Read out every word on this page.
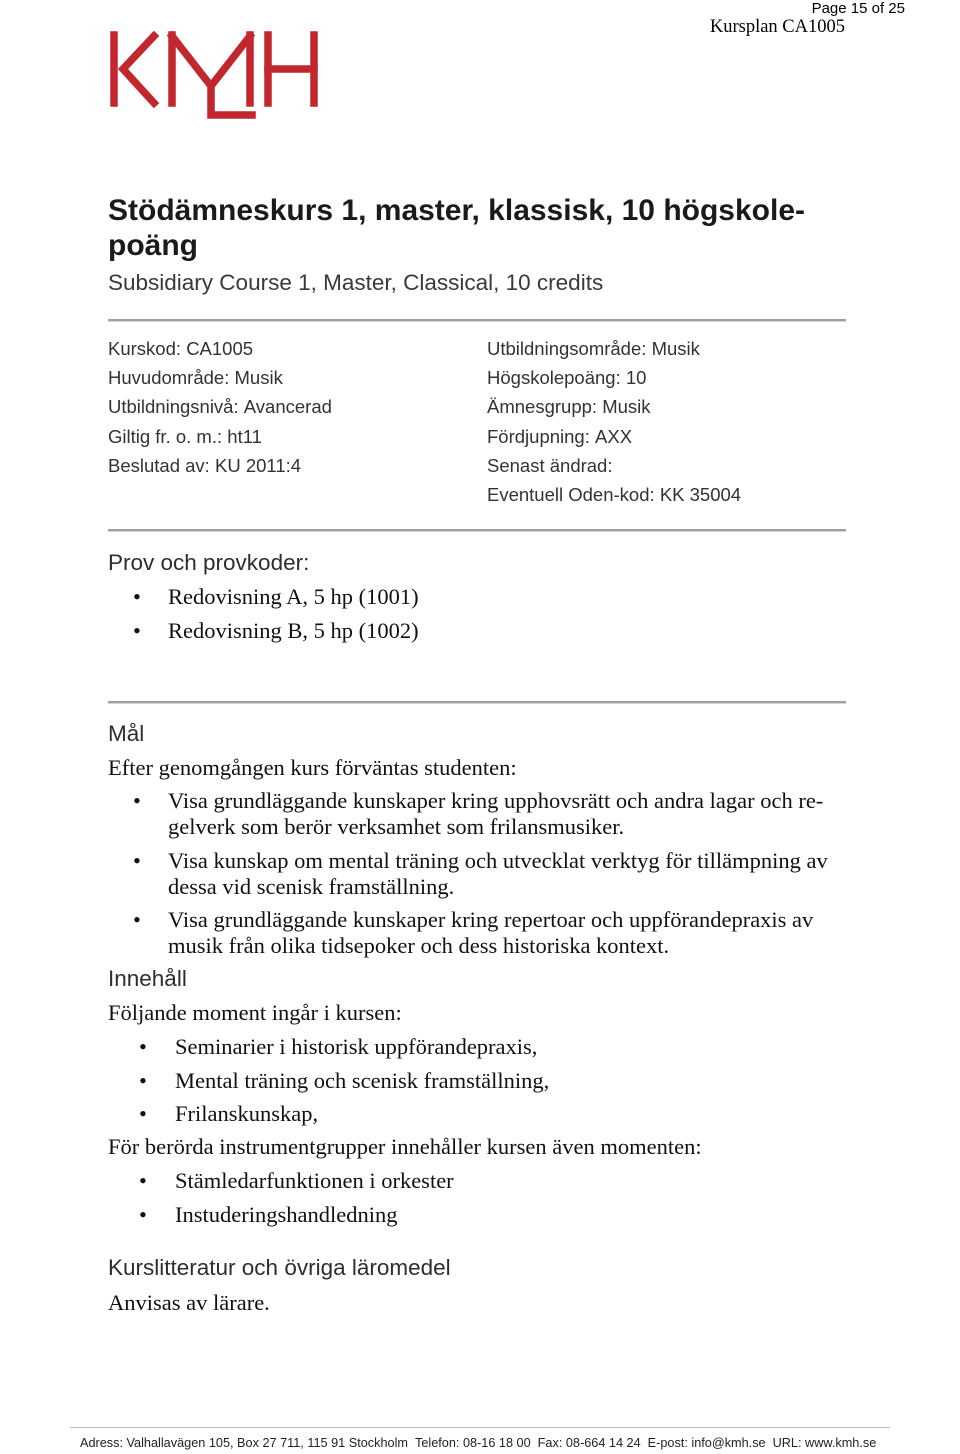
Page 15 of 25
Kursplan CA1005
Stödämneskurs 1, master, klassisk, 10 högskole-
poäng
Subsidiary Course 1, Master, Classical, 10 credits
Kurskod: CA1005
Huvudområde: Musik
Utbildningsnivå: Avancerad
Giltig fr. o. m.: ht11
Beslutad av: KU 2011:4
Utbildningsområde: Musik
Högskolepoäng: 10
Ämnesgrupp: Musik
Fördjupning: AXX
Senast ändrad:
Eventuell Oden-kod: KK 35004
Prov och provkoder:
•
Redovisning A, 5 hp (1001)
•
Redovisning B, 5 hp (1002)
Mål
Efter genomgången kurs förväntas studenten:
•
Visa grundläggande kunskaper kring upphovsrätt och andra lagar och re-
gelverk som berör verksamhet som frilansmusiker.
•
Visa kunskap om mental träning och utvecklat verktyg för tillämpning av
dessa vid scenisk framställning.
•
Visa grundläggande kunskaper kring repertoar och uppförandepraxis av
musik från olika tidsepoker och dess historiska kontext.
Innehåll
Följande moment ingår i kursen:
•
Seminarier i historisk uppförandepraxis,
•
Mental träning och scenisk framställning,
•
Frilanskunskap,
För berörda instrumentgrupper innehåller kursen även momenten:
•
Stämledarfunktionen i orkester
•
Instuderingshandledning
Kurslitteratur och övriga läromedel
Anvisas av lärare.
Adress: Valhallavägen 105, Box 27 711, 115 91 Stockholm Telefon: 08-16 18 00 Fax: 08-664 14 24 E-post: info@kmh.se URL: www.kmh.se
